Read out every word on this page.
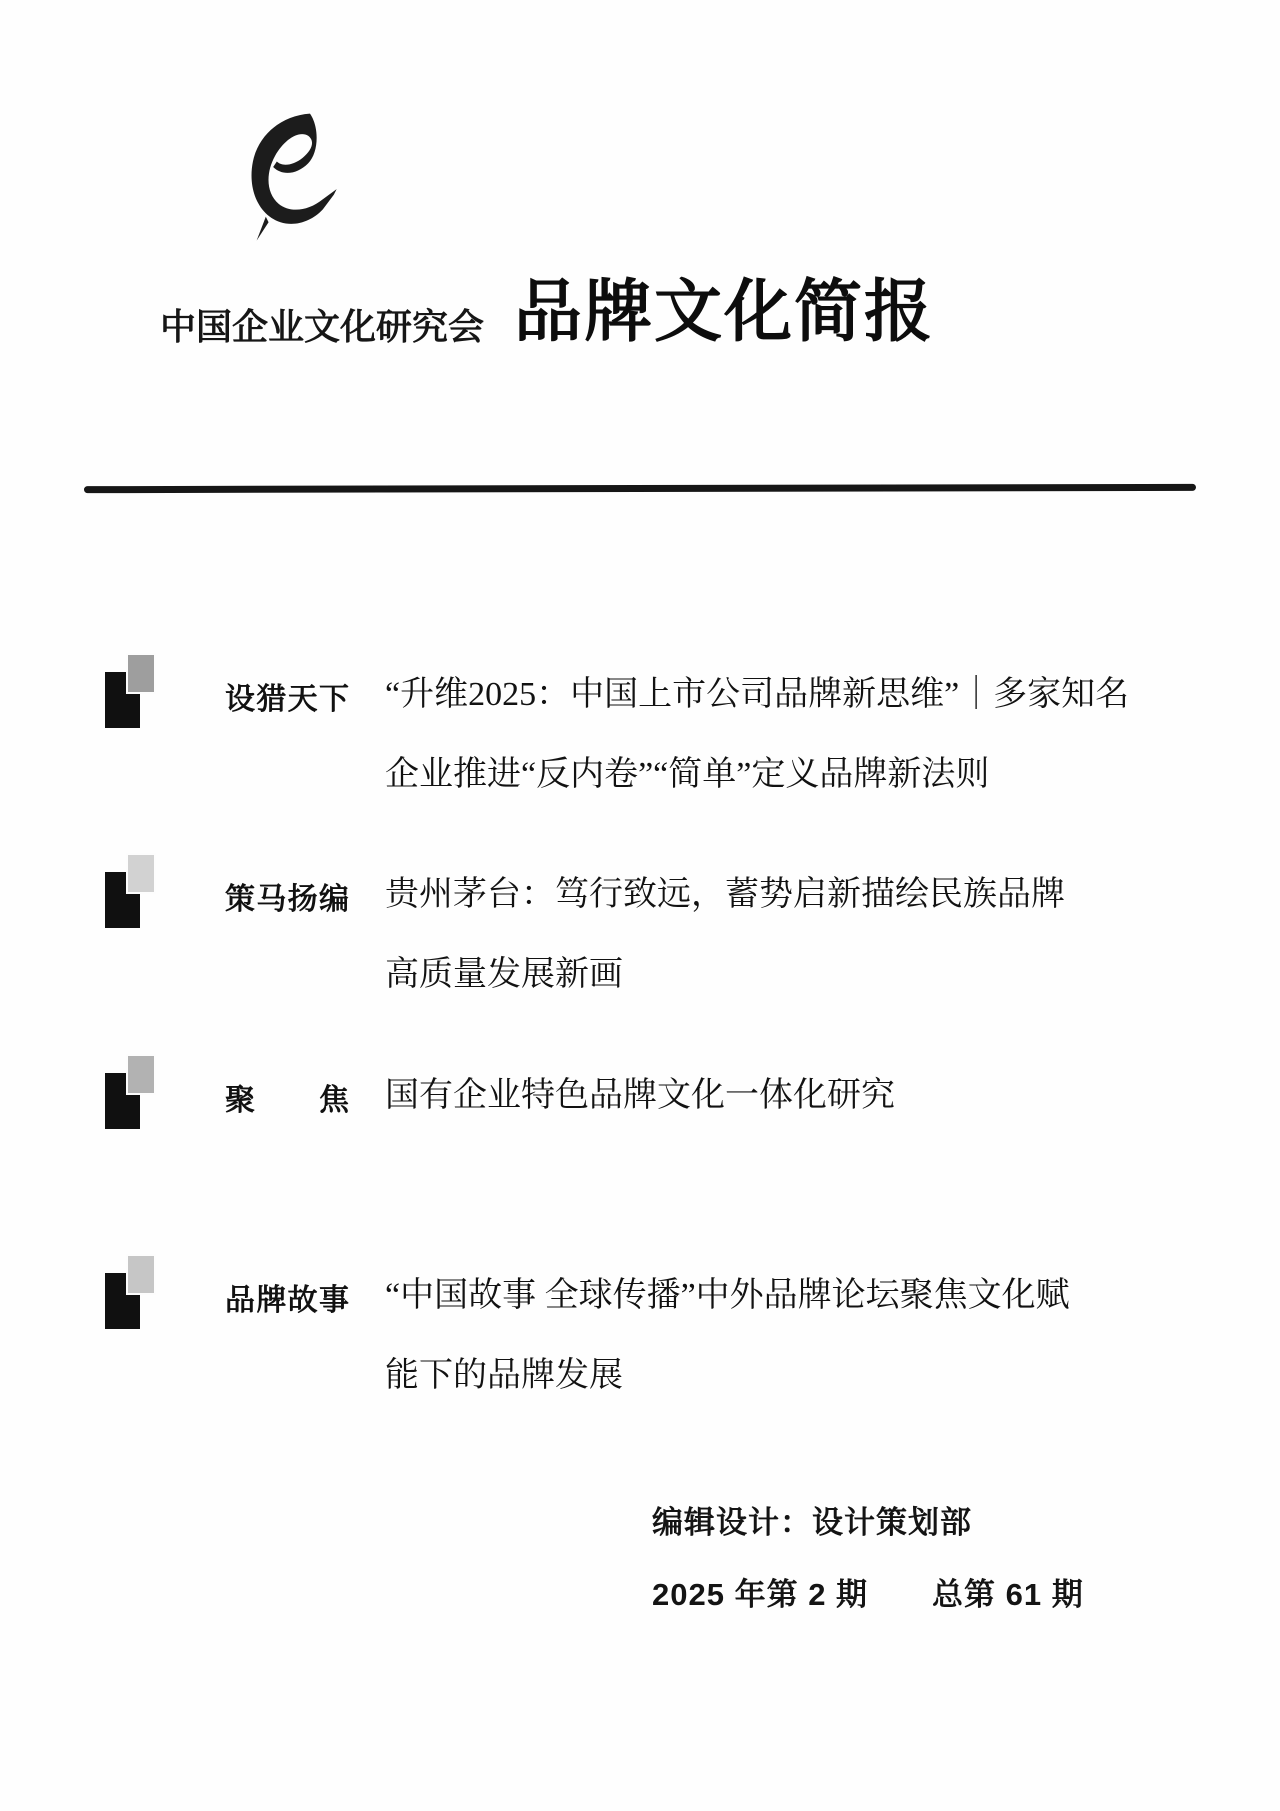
中国企业文化研究会 品牌文化简报
设猎天下 “升维2025：中国上市公司品牌新思维”｜多家知名
企业推进“反内卷”“简单”定义品牌新法则
策马扬编 贵州茅台：笃行致远，蓄势启新描绘民族品牌
高质量发展新画
聚　　焦 国有企业特色品牌文化一体化研究
品牌故事 “中国故事 全球传播”中外品牌论坛聚焦文化赋
能下的品牌发展
编辑设计：设计策划部
2025 年第 2 期　　总第 61 期
